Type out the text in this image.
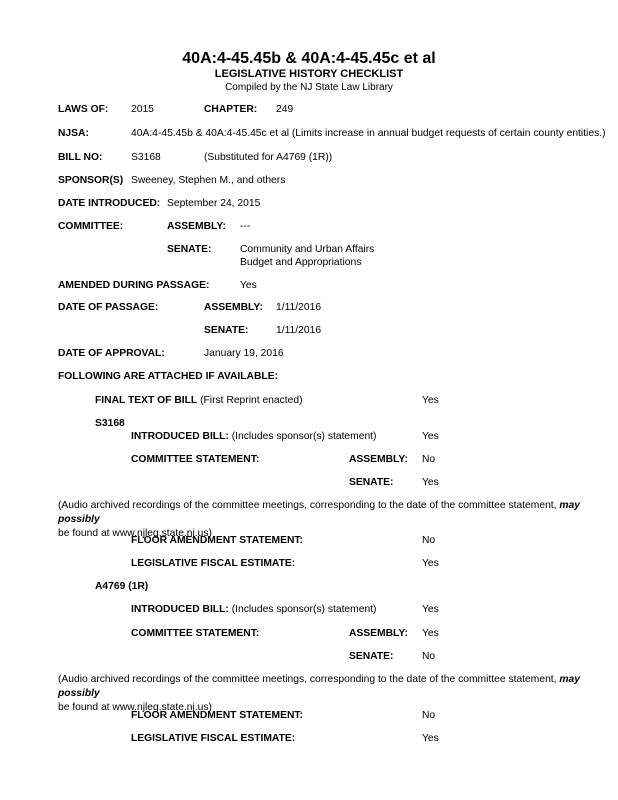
40A:4-45.45b & 40A:4-45.45c et al
LEGISLATIVE HISTORY CHECKLIST
Compiled by the NJ State Law Library
LAWS OF: 2015	CHAPTER: 249
NJSA:	40A:4-45.45b & 40A:4-45.45c et al (Limits increase in annual budget requests of certain county entities.)
BILL NO:	S3168	(Substituted for A4769 (1R))
SPONSOR(S) Sweeney, Stephen M., and others
DATE INTRODUCED: September 24, 2015
COMMITTEE:	ASSEMBLY: ---
SENATE:	Community and Urban Affairs
Budget and Appropriations
AMENDED DURING PASSAGE:	Yes
DATE OF PASSAGE:	ASSEMBLY: 1/11/2016
SENATE:	1/11/2016
DATE OF APPROVAL:	January 19, 2016
FOLLOWING ARE ATTACHED IF AVAILABLE:
FINAL TEXT OF BILL (First Reprint enacted)	Yes
S3168
INTRODUCED BILL: (Includes sponsor(s) statement)	Yes
COMMITTEE STATEMENT:	ASSEMBLY: No
SENATE:	Yes
(Audio archived recordings of the committee meetings, corresponding to the date of the committee statement, may possibly
be found at www.njleg.state.nj.us)
FLOOR AMENDMENT STATEMENT:	No
LEGISLATIVE FISCAL ESTIMATE:	Yes
A4769 (1R)
INTRODUCED BILL: (Includes sponsor(s) statement)	Yes
COMMITTEE STATEMENT:	ASSEMBLY: Yes
SENATE:	No
(Audio archived recordings of the committee meetings, corresponding to the date of the committee statement, may possibly
be found at www.njleg.state.nj.us)
FLOOR AMENDMENT STATEMENT:	No
LEGISLATIVE FISCAL ESTIMATE:	Yes
